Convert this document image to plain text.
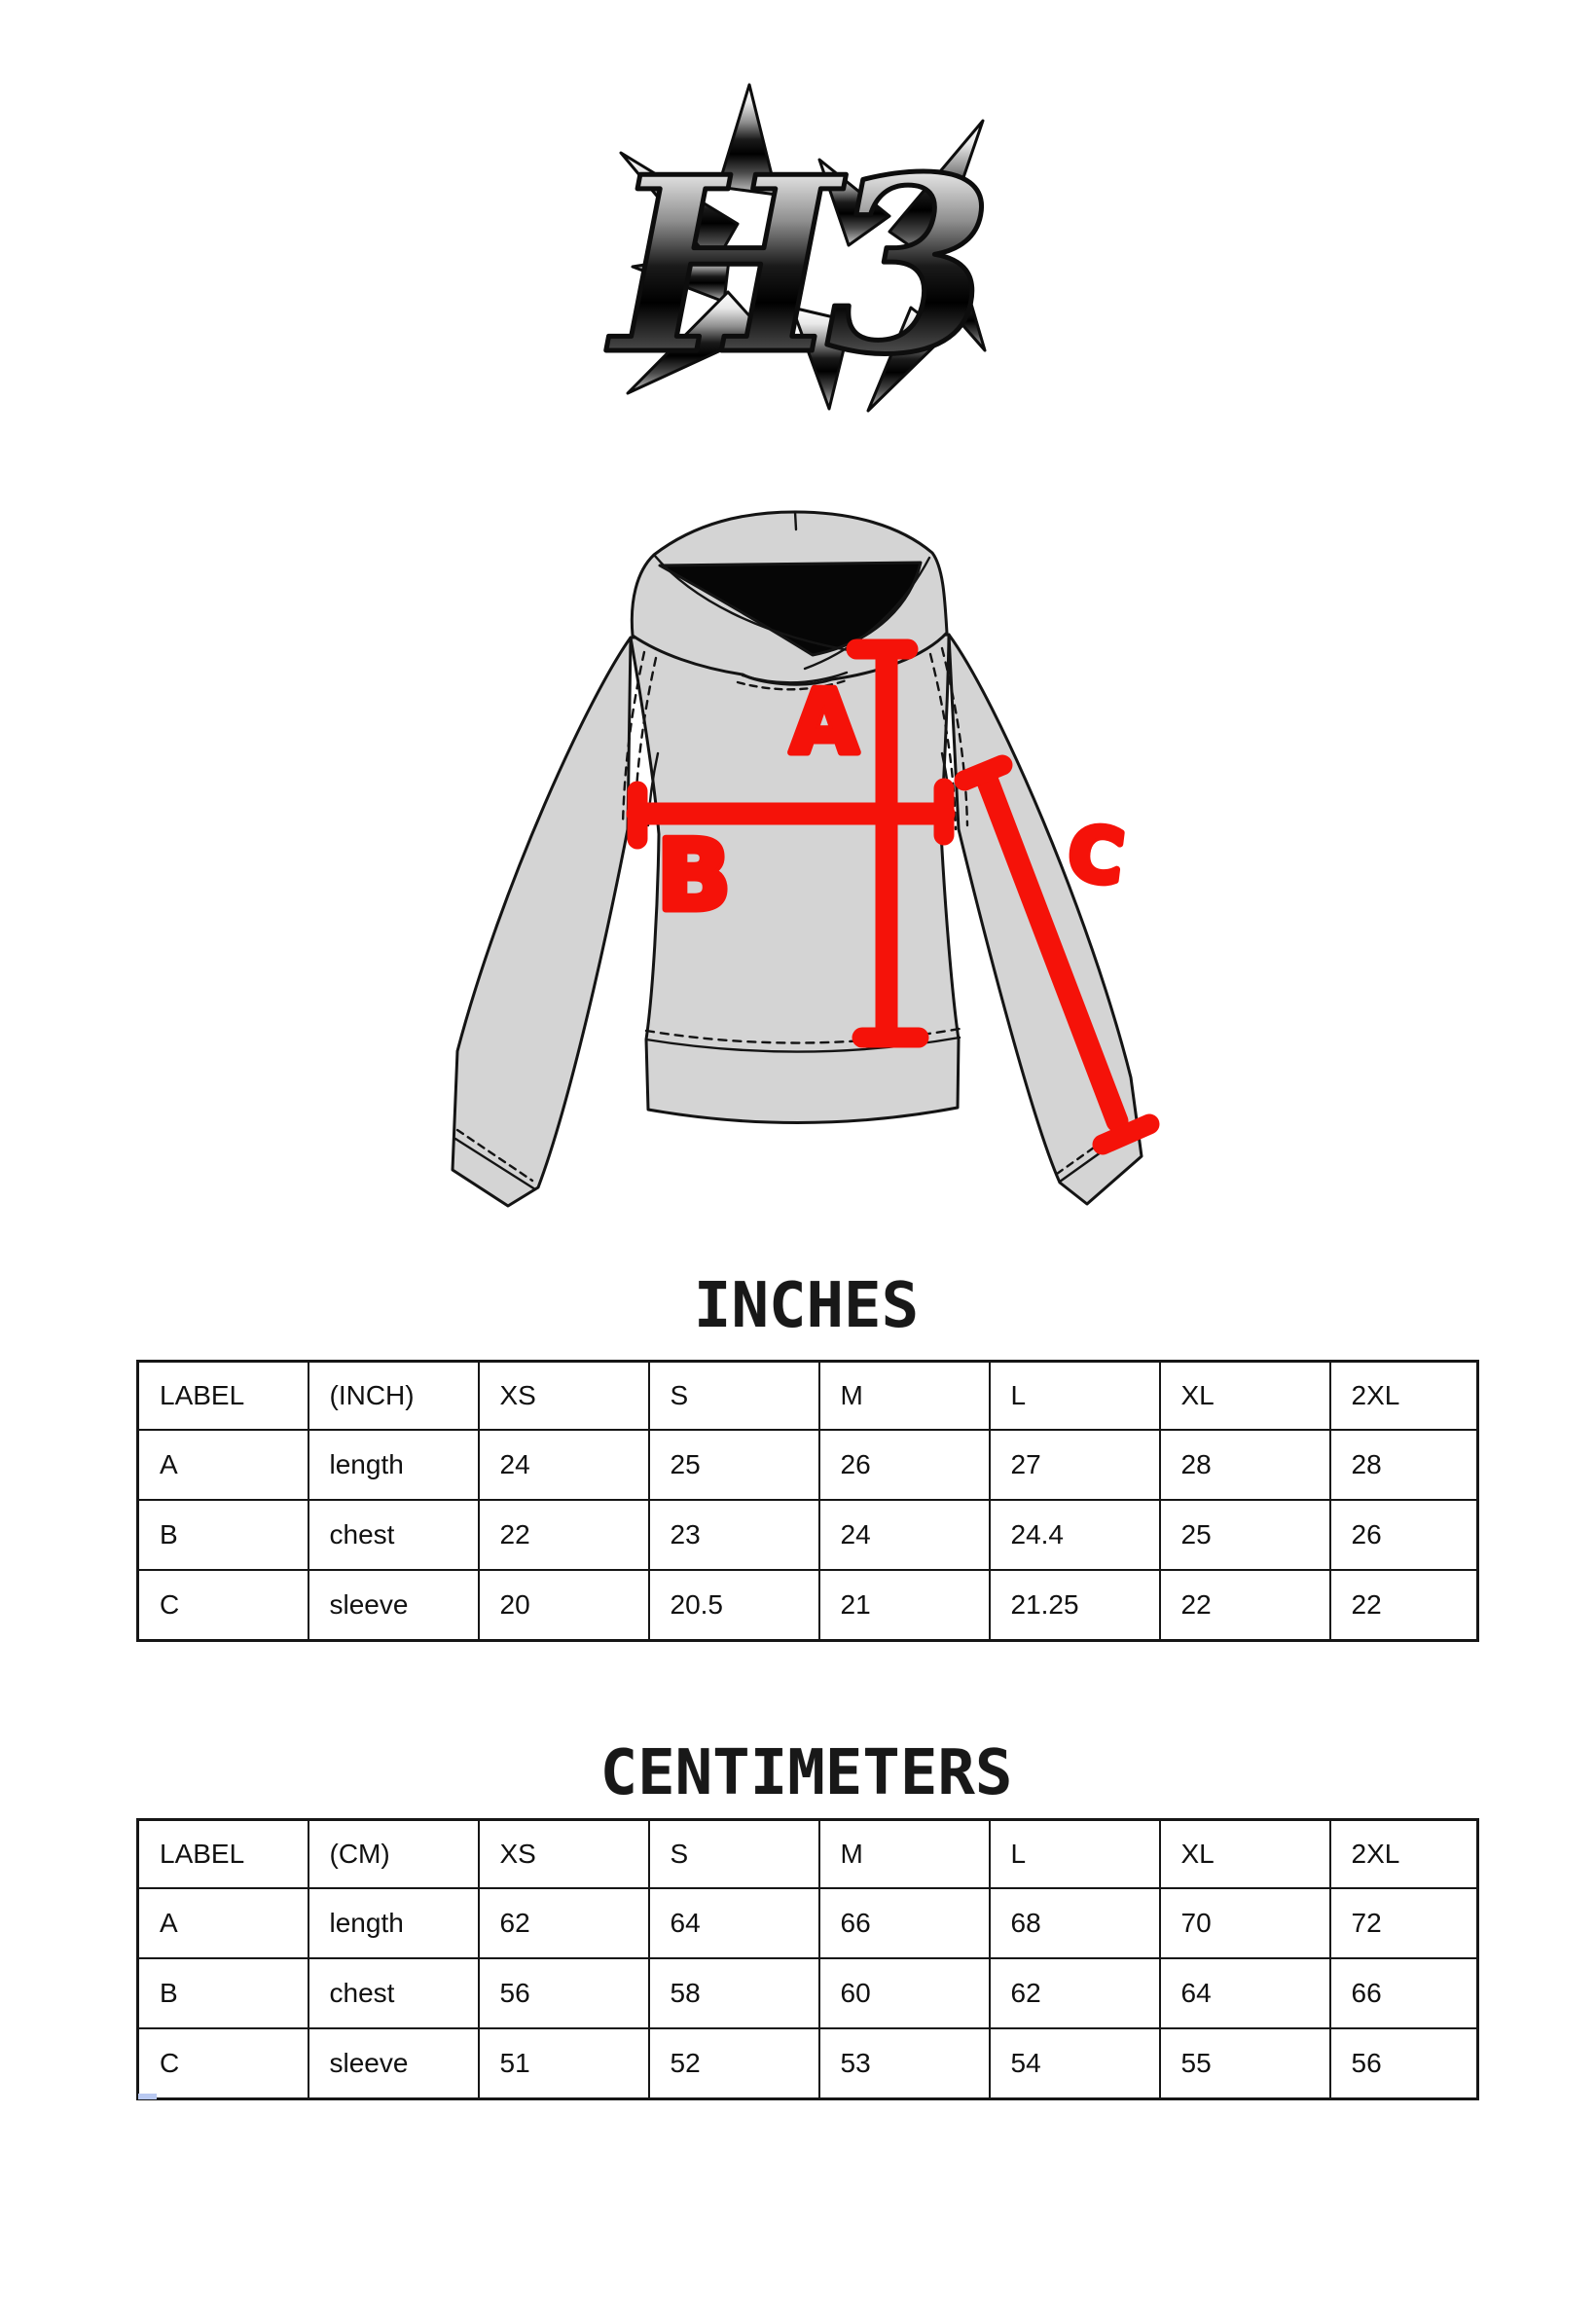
H3
A
B	C
INCHES
LABEL	(INCH)	XS	S	M	L	XL	2XL
A	length	24	25	26	27	28	28
B	chest	22	23	24	24.4	25	26
C	sleeve	20	20.5	21	21.25	22	22
CENTIMETERS
LABEL	(CM)	XS	S	M	L	XL	2XL
A	length	62	64	66	68	70	72
B	chest	56	58	60	62	64	66
C	sleeve	51	52	53	54	55	56
